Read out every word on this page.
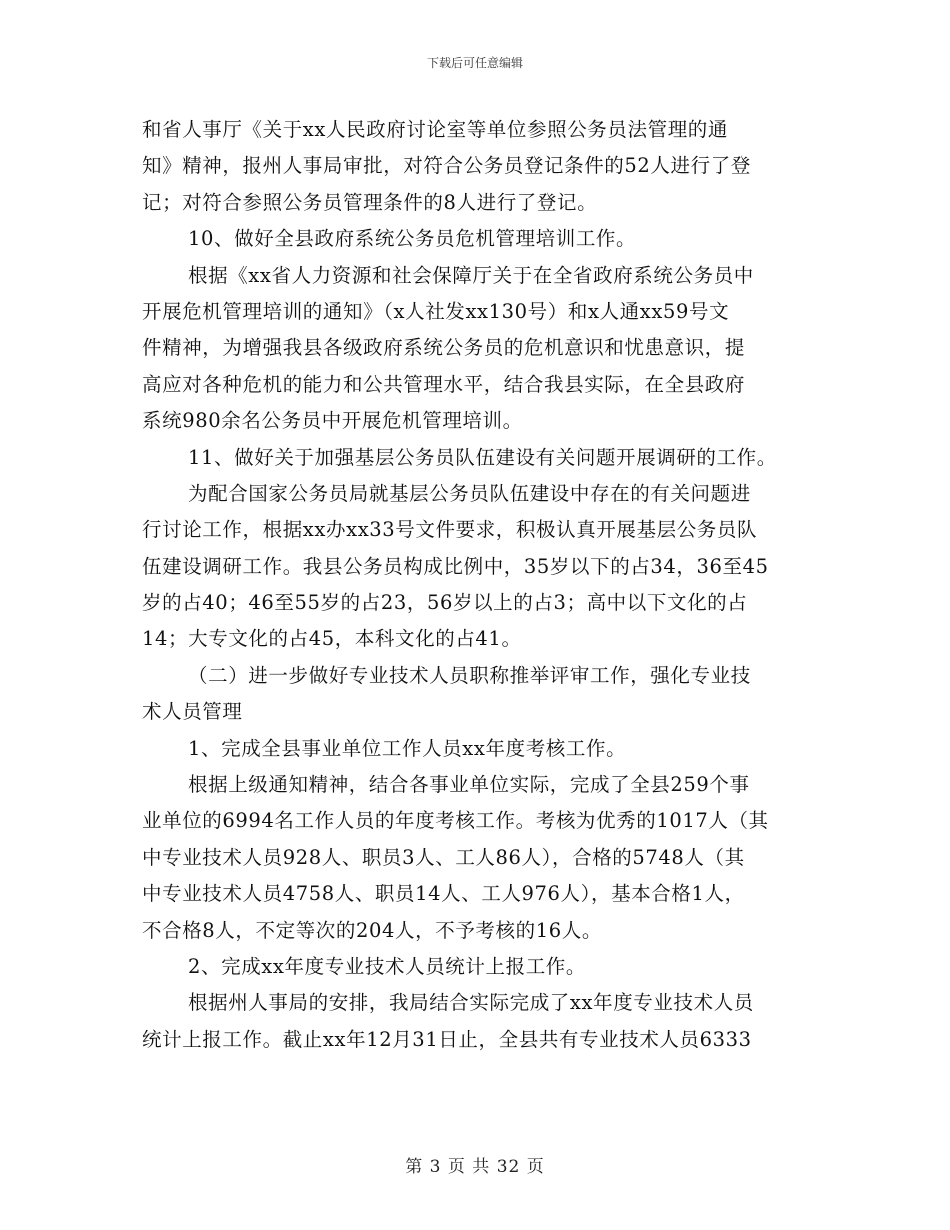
下载后可任意编辑
和省人事厅《关于xx人民政府讨论室等单位参照公务员法管理的通
知》精神，报州人事局审批，对符合公务员登记条件的52人进行了登
记；对符合参照公务员管理条件的8人进行了登记。
10、做好全县政府系统公务员危机管理培训工作。
根据《xx省人力资源和社会保障厅关于在全省政府系统公务员中
开展危机管理培训的通知》（x人社发xx130号）和x人通xx59号文
件精神，为增强我县各级政府系统公务员的危机意识和忧患意识，提
高应对各种危机的能力和公共管理水平，结合我县实际，在全县政府
系统980余名公务员中开展危机管理培训。
11、做好关于加强基层公务员队伍建设有关问题开展调研的工作。
为配合国家公务员局就基层公务员队伍建设中存在的有关问题进
行讨论工作，根据xx办xx33号文件要求，积极认真开展基层公务员队
伍建设调研工作。我县公务员构成比例中，35岁以下的占34，36至45
岁的占40；46至55岁的占23，56岁以上的占3；高中以下文化的占
14；大专文化的占45，本科文化的占41。
（二）进一步做好专业技术人员职称推举评审工作，强化专业技
术人员管理
1、完成全县事业单位工作人员xx年度考核工作。
根据上级通知精神，结合各事业单位实际，完成了全县259个事
业单位的6994名工作人员的年度考核工作。考核为优秀的1017人（其
中专业技术人员928人、职员3人、工人86人），合格的5748人（其
中专业技术人员4758人、职员14人、工人976人），基本合格1人，
不合格8人，不定等次的204人，不予考核的16人。
2、完成xx年度专业技术人员统计上报工作。
根据州人事局的安排，我局结合实际完成了xx年度专业技术人员
统计上报工作。截止xx年12月31日止，全县共有专业技术人员6333
第 3 页 共 32 页
